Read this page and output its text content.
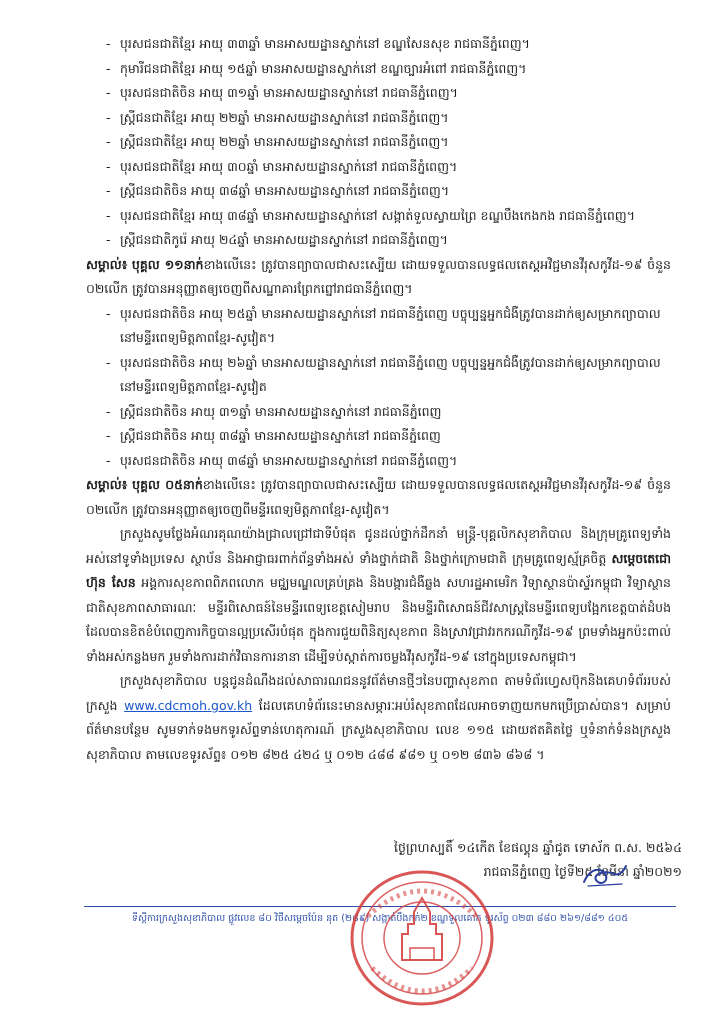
- បុរសជនជាតិខ្មែរ អាយុ ៣៣ឆ្នាំ មានអាសយដ្ឋានស្នាក់នៅ ខណ្ឌសែនសុខ រាជធានីភ្នំពេញ។
- កុមារីជនជាតិខ្មែរ អាយុ ១៥ឆ្នាំ មានអាសយដ្ឋានស្នាក់នៅ ខណ្ឌច្បារអំពៅ រាជធានីភ្នំពេញ។
- បុរសជនជាតិចិន អាយុ ៣១ឆ្នាំ មានអាសយដ្ឋានស្នាក់នៅ រាជធានីភ្នំពេញ។
- ស្ត្រីជនជាតិខ្មែរ អាយុ ២២ឆ្នាំ មានអាសយដ្ឋានស្នាក់នៅ រាជធានីភ្នំពេញ។
- ស្ត្រីជនជាតិខ្មែរ អាយុ ២២ឆ្នាំ មានអាសយដ្ឋានស្នាក់នៅ រាជធានីភ្នំពេញ។
- បុរសជនជាតិខ្មែរ អាយុ ៣០ឆ្នាំ មានអាសយដ្ឋានស្នាក់នៅ រាជធានីភ្នំពេញ។
- ស្ត្រីជនជាតិចិន អាយុ ៣៨ឆ្នាំ មានអាសយដ្ឋានស្នាក់នៅ រាជធានីភ្នំពេញ។
- បុរសជនជាតិខ្មែរ អាយុ ៣៨ឆ្នាំ មានអាសយដ្ឋានស្នាក់នៅ សង្កាត់ទួលស្វាយព្រៃ ខណ្ឌបឹងកេងកង រាជធានីភ្នំពេញ។
- ស្ត្រីជនជាតិកូរ៉េ អាយុ ២៤ឆ្នាំ មានអាសយដ្ឋានស្នាក់នៅ រាជធានីភ្នំពេញ។

សម្គាល់៖ បុគ្គល ១១នាក់ខាងលើនេះ ត្រូវបានព្យាបាលជាសះស្បើយ ដោយទទួលបានលទ្ធផលតេស្តអវិជ្ជមានវីរុសកូវីដ-១៩ ចំនួន ០២លើក ត្រូវបានអនុញ្ញាតឲ្យចេញពីសណ្ឋាគារព្រែកព្នៅរាជធានីភ្នំពេញ។

- បុរសជនជាតិចិន អាយុ ២៥ឆ្នាំ មានអាសយដ្ឋានស្នាក់នៅ រាជធានីភ្នំពេញ បច្ចុប្បន្នអ្នកជំងឺត្រូវបានដាក់ឲ្យសម្រាកព្យាបាលនៅមន្ទីរពេទ្យមិត្តភាពខ្មែរ-សូវៀត។
- បុរសជនជាតិចិន អាយុ ២៦ឆ្នាំ មានអាសយដ្ឋានស្នាក់នៅ រាជធានីភ្នំពេញ បច្ចុប្បន្នអ្នកជំងឺត្រូវបានដាក់ឲ្យសម្រាកព្យាបាលនៅមន្ទីរពេទ្យមិត្តភាពខ្មែរ-សូវៀត
- ស្ត្រីជនជាតិចិន អាយុ ៣១ឆ្នាំ មានអាសយដ្ឋានស្នាក់នៅ រាជធានីភ្នំពេញ
- ស្ត្រីជនជាតិចិន អាយុ ៣៨ឆ្នាំ មានអាសយដ្ឋានស្នាក់នៅ រាជធានីភ្នំពេញ
- បុរសជនជាតិចិន អាយុ ៣៨ឆ្នាំ មានអាសយដ្ឋានស្នាក់នៅ រាជធានីភ្នំពេញ។

សម្គាល់៖ បុគ្គល ០៥នាក់ខាងលើនេះ ត្រូវបានព្យាបាលជាសះស្បើយ ដោយទទួលបានលទ្ធផលតេស្តអវិជ្ជមានវីរុសកូវីដ-១៩ ចំនួន ០២លើក ត្រូវបានអនុញ្ញាតឲ្យចេញពីមន្ទីរពេទ្យមិត្តភាពខ្មែរ-សូវៀត។

ក្រសួងសូមថ្លែងអំណរគុណយ៉ាងជ្រាលជ្រៅជាទីបំផុត ជូនដល់ថ្នាក់ដឹកនាំ មន្ត្រី-បុគ្គលិកសុខាភិបាល និងក្រុមគ្រូពេទ្យទាំងអស់នៅទូទាំងប្រទេស ស្ថាប័ន និងអាជ្ញាធរពាក់ព័ន្ធទាំងអស់ ទាំងថ្នាក់ជាតិ និងថ្នាក់ក្រោមជាតិ ក្រុមគ្រូពេទ្យស្ម័គ្រចិត្ត សម្ដេចតេជោ ហ៊ុន សែន អង្គការសុខភាពពិភពលោក មជ្ឈមណ្ឌលគ្រប់គ្រង និងបង្ការជំងឺឆ្លង សហរដ្ឋអាមេរិក វិទ្យាស្ថានប៉ាស្ទ័រកម្ពុជា វិទ្យាស្ថានជាតិសុខភាពសាធារណៈ មន្ទីរពិសោធន៍នៃមន្ទីរពេទ្យខេត្តសៀមរាប និងមន្ទីរពិសោធន៍ជីវសាស្ត្រនៃមន្ទីរពេទ្យបង្អែកខេត្តបាត់ដំបង ដែលបានខិតខំបំពេញភារកិច្ចបានល្អប្រសើរបំផុត ក្នុងការជួយពិនិត្យសុខភាព និងស្រាវជ្រាវរកករណីកូវីដ-១៩ ព្រមទាំងអ្នកប៉ះពាល់ទាំងអស់កន្លងមក រួមទាំងការដាក់វិធានការនានា ដើម្បីទប់ស្កាត់ការចម្លងវីរុសកូវីដ-១៩ នៅក្នុងប្រទេសកម្ពុជា។

ក្រសួងសុខាភិបាល បន្តជូនដំណឹងដល់សាធារណជននូវព័ត៌មានថ្មីៗនៃបញ្ហាសុខភាព តាមទំព័រហ្វេសប៊ុកនិងគេហទំព័ររបស់ក្រសួង www.cdcmoh.gov.kh ដែលគេហទំព័រនេះមានសម្ភារៈអប់រំសុខភាពដែលអាចទាញយកមកប្រើប្រាស់បាន។ សម្រាប់ព័ត៌មានបន្ថែម សូមទាក់ទងមកទូរស័ព្ទទាន់ហេតុការណ៍ ក្រសួងសុខាភិបាល លេខ ១១៥ ដោយឥតគិតថ្លៃ ឬទំនាក់ទំនងក្រសួងសុខាភិបាល តាមលេខទូរស័ព្ទ៖ ០១២ ៨២៥ ៤២៤ ឬ ០១២ ៤៨៨ ៩៨១ ឬ ០១២ ៨៣៦ ៨៦៨ ។

ថ្ងៃព្រហស្បតិ៍ ១៤កើត ខែផល្គុន ឆ្នាំជូត ទោស័ក ព.ស. ២៥៦៤
រាជធានីភ្នំពេញ ថ្ងៃទី២៥ ខែមីនា ឆ្នាំ២០២១
ទីស្តីការក្រសួងសុខាភិបាល ផ្លូវលេខ ៨០ វិថីសម្ដេចប៉ែន នុត (២៨៩) សង្កាត់បឹងកក់២ ខណ្ឌទួលគោក ទូរស័ព្ទ ០២៣ ៨៨០ ២៦១/៨៨១ ៤០៥
